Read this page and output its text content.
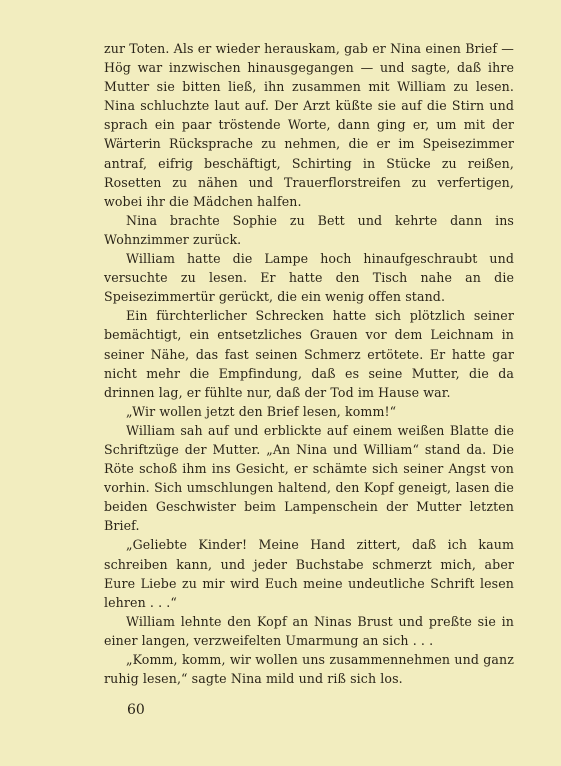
zur Toten. Als er wieder herauskam, gab er Nina einen Brief — Hög war inzwischen hinausgegangen — und sagte, daß ihre Mutter sie bitten ließ, ihn zusammen mit William zu lesen. Nina schluchzte laut auf. Der Arzt küßte sie auf die Stirn und sprach ein paar tröstende Worte, dann ging er, um mit der Wärterin Rücksprache zu nehmen, die er im Speisezimmer antraf, eifrig beschäftigt, Schirting in Stücke zu reißen, Rosetten zu nähen und Trauerflorstreifen zu verfertigen, wobei ihr die Mädchen halfen.

Nina brachte Sophie zu Bett und kehrte dann ins Wohnzimmer zurück.

William hatte die Lampe hoch hinaufgeschraubt und versuchte zu lesen. Er hatte den Tisch nahe an die Speisezimmertür gerückt, die ein wenig offen stand.

Ein fürchterlicher Schrecken hatte sich plötzlich seiner bemächtigt, ein entsetzliches Grauen vor dem Leichnam in seiner Nähe, das fast seinen Schmerz ertötete. Er hatte gar nicht mehr die Empfindung, daß es seine Mutter, die da drinnen lag, er fühlte nur, daß der Tod im Hause war.

„Wir wollen jetzt den Brief lesen, komm!“

William sah auf und erblickte auf einem weißen Blatte die Schriftzüge der Mutter. „An Nina und William“ stand da. Die Röte schoß ihm ins Gesicht, er schämte sich seiner Angst von vorhin. Sich umschlungen haltend, den Kopf geneigt, lasen die beiden Geschwister beim Lampenschein der Mutter letzten Brief.

„Geliebte Kinder! Meine Hand zittert, daß ich kaum schreiben kann, und jeder Buchstabe schmerzt mich, aber Eure Liebe zu mir wird Euch meine undeutliche Schrift lesen lehren . . .“

William lehnte den Kopf an Ninas Brust und preßte sie in einer langen, verzweifelten Umarmung an sich . . .

„Komm, komm, wir wollen uns zusammennehmen und ganz ruhig lesen,“ sagte Nina mild und riß sich los.

60
